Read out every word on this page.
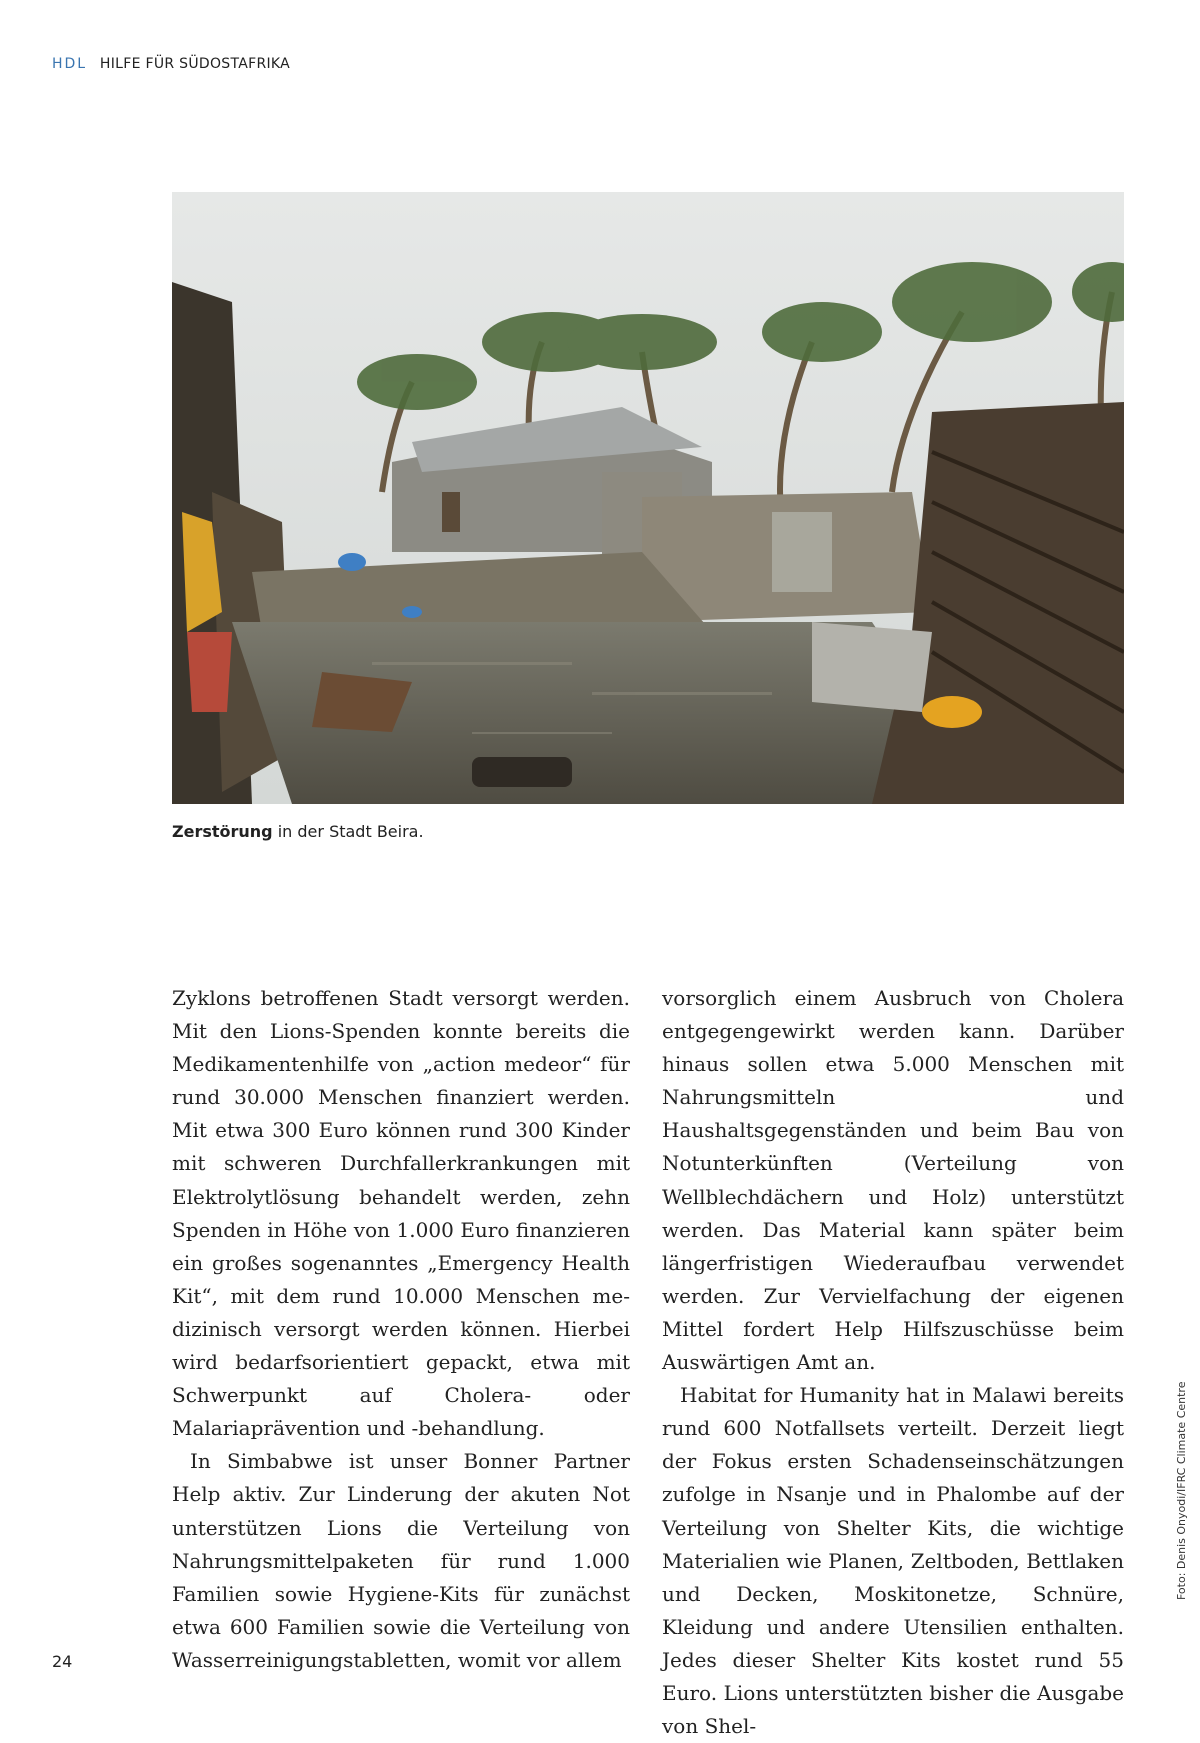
HDL HILFE FÜR SÜDOSTAFRIKA
Zerstörung in der Stadt Beira.

Zyklons betroffenen Stadt versorgt werden. Mit den Lions-Spenden konnte bereits die Medikamentenhilfe von „action medeor“ für rund 30.000 Menschen finanziert werden. Mit etwa 300 Euro können rund 300 Kinder mit schweren Durchfallerkrankungen mit Elektrolytlösung behandelt werden, zehn Spenden in Höhe von 1.000 Euro finanzieren ein großes sogenanntes „Emergency Health Kit“, mit dem rund 10.000 Menschen medizinisch versorgt werden können. Hierbei wird bedarfsorientiert gepackt, etwa mit Schwerpunkt auf Cholera- oder Malariaprävention und -behandlung.

In Simbabwe ist unser Bonner Partner Help aktiv. Zur Linderung der akuten Not unterstützen Lions die Verteilung von Nahrungsmittelpaketen für rund 1.000 Familien sowie Hygiene-Kits für zunächst etwa 600 Familien sowie die Verteilung von Wasserreinigungstabletten, womit vor allem

vorsorglich einem Ausbruch von Cholera entgegengewirkt werden kann. Darüber hinaus sollen etwa 5.000 Menschen mit Nahrungsmitteln und Haushaltsgegenständen und beim Bau von Notunterkünften (Verteilung von Wellblechdächern und Holz) unterstützt werden. Das Material kann später beim längerfristigen Wiederaufbau verwendet werden. Zur Vervielfachung der eigenen Mittel fordert Help Hilfszuschüsse beim Auswärtigen Amt an.

Habitat for Humanity hat in Malawi bereits rund 600 Notfallsets verteilt. Derzeit liegt der Fokus ersten Schadenseinschätzungen zufolge in Nsanje und in Phalombe auf der Verteilung von Shelter Kits, die wichtige Materialien wie Planen, Zeltboden, Bettlaken und Decken, Moskitonetze, Schnüre, Kleidung und andere Utensilien enthalten. Jedes dieser Shelter Kits kostet rund 55 Euro. Lions unterstützten bisher die Ausgabe von Shel-

Foto: Denis Onyodi/IFRC Climate Centre
24
